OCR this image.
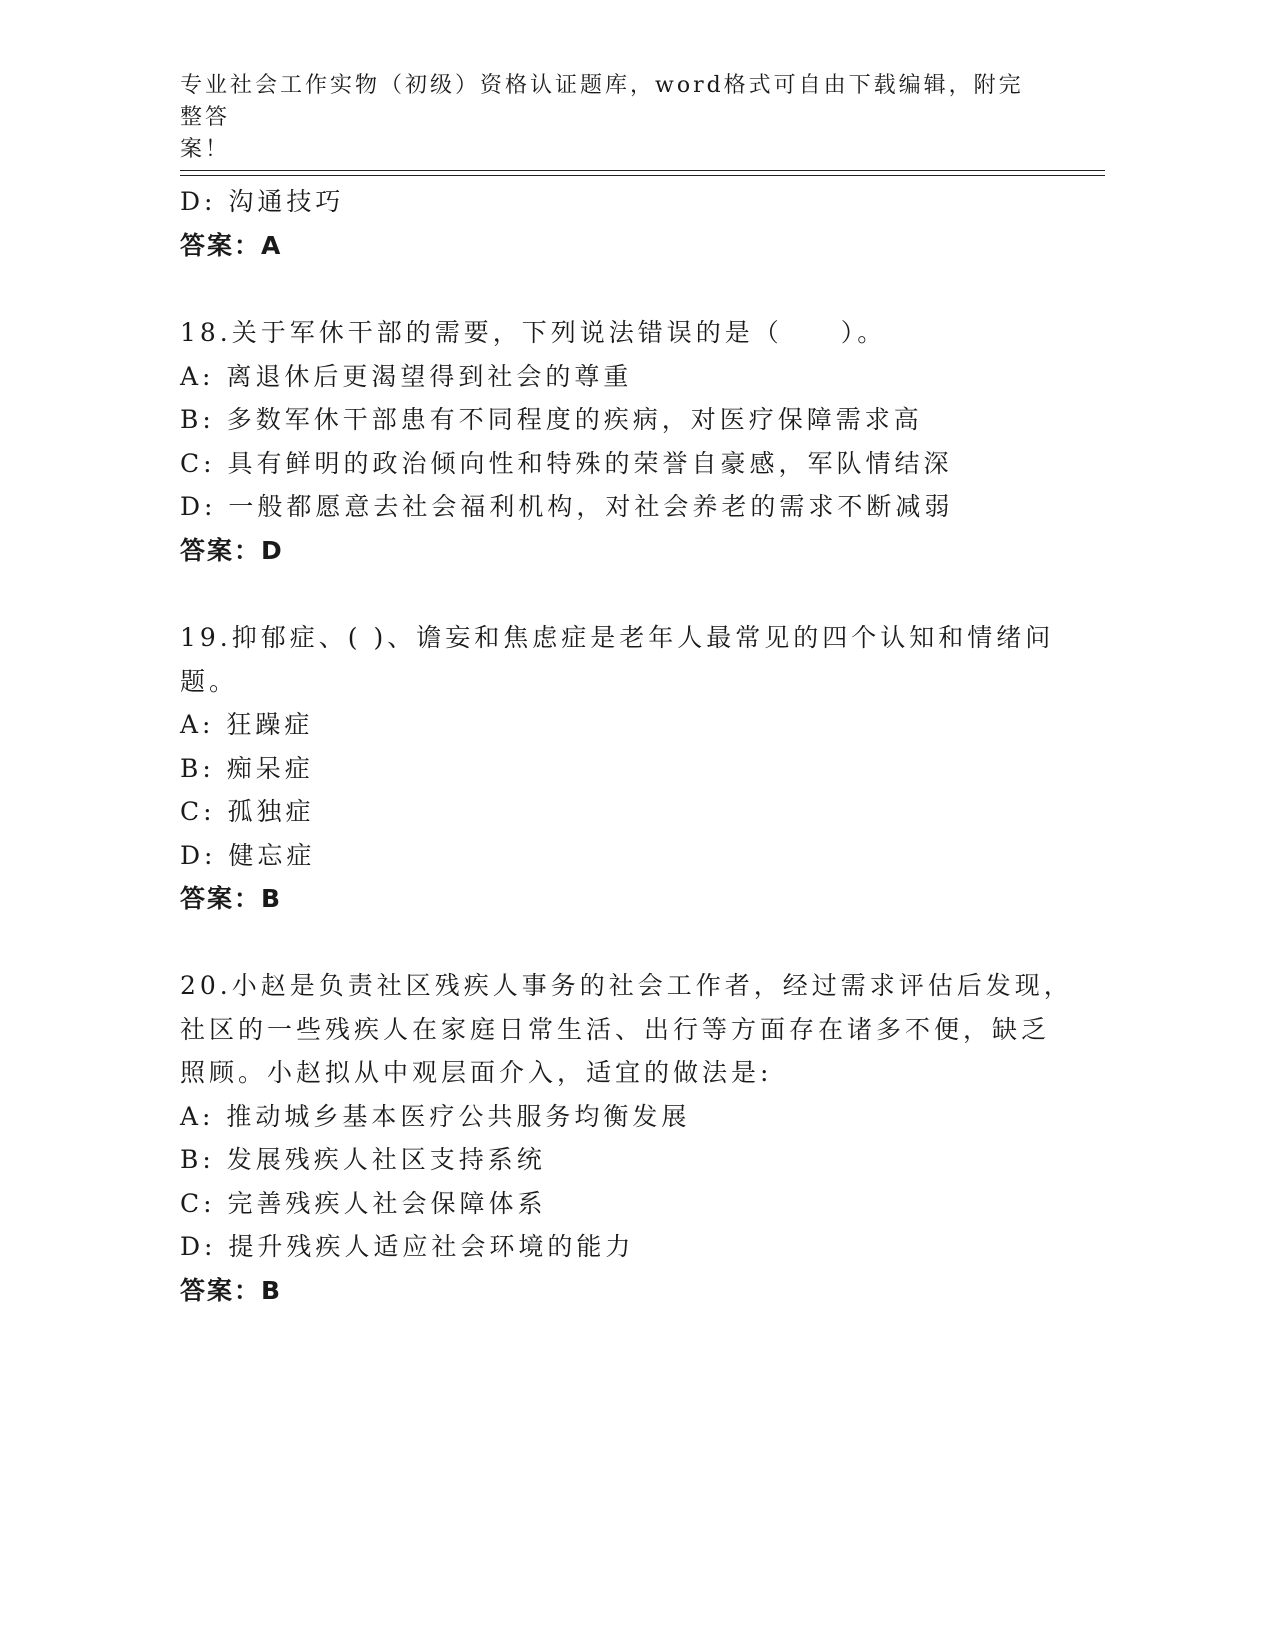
专业社会工作实物（初级）资格认证题库，word格式可自由下载编辑，附完整答
案！
D: 沟通技巧
答案：A
18.关于军休干部的需要，下列说法错误的是（　　）。
A: 离退休后更渴望得到社会的尊重
B: 多数军休干部患有不同程度的疾病，对医疗保障需求高
C: 具有鲜明的政治倾向性和特殊的荣誉自豪感，军队情结深
D: 一般都愿意去社会福利机构，对社会养老的需求不断减弱
答案：D
19.抑郁症、( )、谵妄和焦虑症是老年人最常见的四个认知和情绪问
题。
A: 狂躁症
B: 痴呆症
C: 孤独症
D: 健忘症
答案：B
20.小赵是负责社区残疾人事务的社会工作者，经过需求评估后发现，
社区的一些残疾人在家庭日常生活、出行等方面存在诸多不便，缺乏
照顾。小赵拟从中观层面介入，适宜的做法是:
A: 推动城乡基本医疗公共服务均衡发展
B: 发展残疾人社区支持系统
C: 完善残疾人社会保障体系
D: 提升残疾人适应社会环境的能力
答案：B
